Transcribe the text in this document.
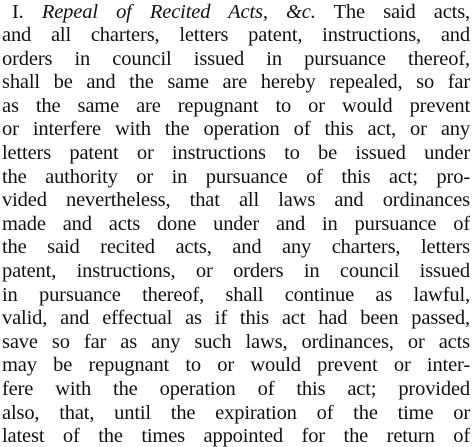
I. Repeal of Recited Acts, &c. The said acts,
and all charters, letters patent, instructions, and
orders in council issued in pursuance thereof,
shall be and the same are hereby repealed, so far
as the same are repugnant to or would prevent
or interfere with the operation of this act, or any
letters patent or instructions to be issued under
the authority or in pursuance of this act; pro-
vided nevertheless, that all laws and ordinances
made and acts done under and in pursuance of
the said recited acts, and any charters, letters
patent, instructions, or orders in council issued
in pursuance thereof, shall continue as lawful,
valid, and effectual as if this act had been passed,
save so far as any such laws, ordinances, or acts
may be repugnant to or would prevent or inter-
fere with the operation of this act; provided
also, that, until the expiration of the time or
latest of the times appointed for the return of
